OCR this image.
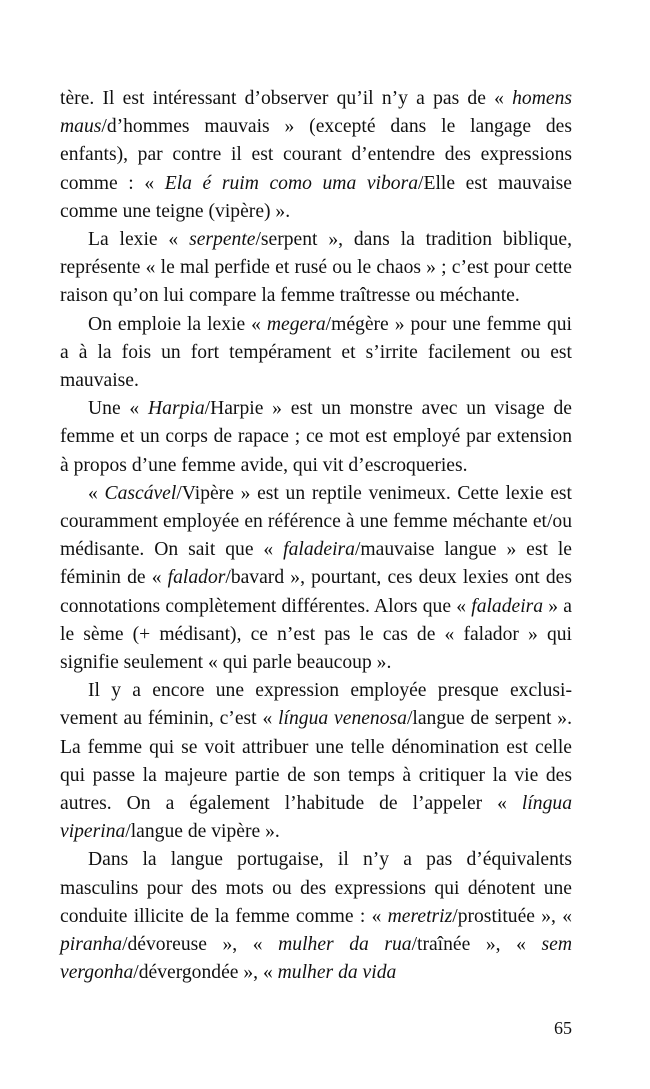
tère. Il est intéressant d’observer qu’il n’y a pas de « homens maus/d’hommes mauvais » (excepté dans le langage des enfants), par contre il est courant d’entendre des expressions comme : « Ela é ruim como uma vibora/Elle est mauvaise comme une teigne (vipère) ».

La lexie « serpente/serpent », dans la tradition biblique, représente « le mal perfide et rusé ou le chaos » ; c’est pour cette raison qu’on lui compare la femme traîtresse ou méchante.

On emploie la lexie « megera/mégère » pour une femme qui a à la fois un fort tempérament et s’irrite facilement ou est mauvaise.

Une « Harpia/Harpie » est un monstre avec un visage de femme et un corps de rapace ; ce mot est employé par extension à propos d’une femme avide, qui vit d’escroqueries.

« Cascável/Vipère » est un reptile venimeux. Cette lexie est couramment employée en référence à une femme méchante et/ou médisante. On sait que « faladeira/mauvaise langue » est le féminin de « falador/bavard », pourtant, ces deux lexies ont des connotations complètement différentes. Alors que « faladeira » a le sème (+ médisant), ce n’est pas le cas de « falador » qui signifie seulement « qui parle beaucoup ».

Il y a encore une expression employée presque exclusivement au féminin, c’est « língua venenosa/langue de serpent ». La femme qui se voit attribuer une telle dénomination est celle qui passe la majeure partie de son temps à critiquer la vie des autres. On a également l’habitude de l’appeler « língua viperina/langue de vipère ».

Dans la langue portugaise, il n’y a pas d’équivalents masculins pour des mots ou des expressions qui dénotent une conduite illicite de la femme comme : « meretriz/prostituée », « piranha/dévoreuse », « mulher da rua/traînée », « sem vergonha/dévergondée », « mulher da vida

65
